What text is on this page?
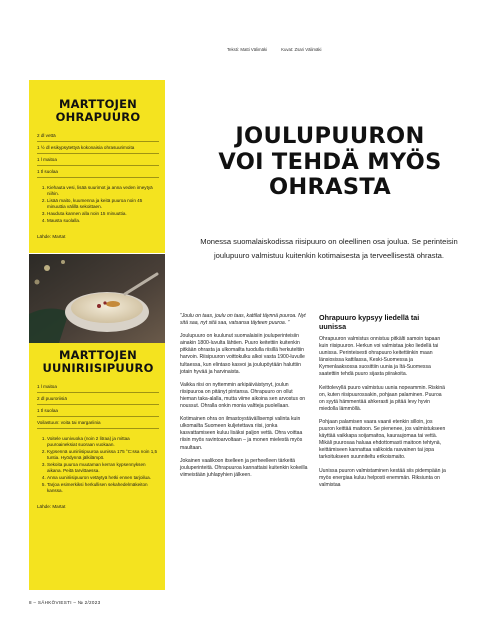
Teksti: Matti Välimäki	Kuvat: Zsari Välimäki
MARTTOJEN
OHRAPUURO
2 dl vettä
1 ½ dl esikypsytettyä kokonaisia ohrasuurimoita
1 l maitoa
1 tl suolaa
1. Kiehauta vesi, lisää suurimot ja anna veden imeytyä niihin.
2. Lisää maito, kuumenna ja keitä puuroa noin 45 minuuttia välillä sekoittaen.
3. Hauduta kannen alla noin 15 minuuttia.
4. Mausta suolalla.
Lähde: Martat
MARTTOJEN
UUNIRIISIPUURO
1 l maitoa
2 dl puuroriisiä
1 tl suolaa
Voilastuun: voita tai margariinia
1. Voitele uunivuoka (noin 2 litraa) ja mittaa puuroaineksiat suoraan vuokaan.
2. Kypsennä uuniriisipuuroa uunissa 175 °C:ssa noin 1,5 tuntia. Hyödynnä jälkilämpö.
3. Sekoita puuroa muutaman kerran kypsennyksen aikana. Peitä tarvittaessa.
4. Anna uuniriisipuuron vetäytyä hetki ennen tarjoilua.
5. Tarjoa esimerkiksi herkullisen sekahedelmäkeiton kanssa.
Lähde: Martat
JOULUPUURON
VOI TEHDÄ MYÖS
OHRASTA

Monessa suomalaiskodissa riisipuuro on oleellinen osa joulua. Se perinteisin joulupuuro valmistuu kuitenkin kotimaisesta ja terveellisestä ohrasta.

”Joulu on taas, joulu on taas, kattilat täynnä puuroa. Nyt sitä saa, nyt sitä saa, vatsansa täyteen puuroa. ”

Joulupuuro on kuulunut suomalaisiin jouluperinteisiin ainakin 1800-luvulta lähtien. Puuro keitettiin kuitenkin pitkään ohrasta ja ulkomailta tuodulla riisillä herkuteltiin harvoin. Riisipuuron voittokulku alkoi vasta 1900-luvulle tultaessa, kun elintaso kasvoi ja joulupöytään haluttiin jotain hyvää ja harvinaista.

Vaikka riisi on nyttemmin arkipäiväistynyt, joulun riisipuuroa on pitänyt pintansa. Ohrapuuro on ollut hieman taka-alalla, mutta viime aikoina sen arvostus on noussut. Ohralla onkin monia valtteja puolellaan.

Kotimainen ohra on ilmastoystävällisempi valinta kuin ulkomailta Suomeen kuljetettava riisi, jonka kasvattamiseen kuluu lisäksi paljon vettä. Ohra voittaa riisin myös ravintoarvoltaan – ja monen mielestä myös maultaan.

Jokainen vaalikoon itselleen ja perheelleen tärkeitä jouluperinteitä. Ohrapuuroa kannattaisi kuitenkin kokeilla viimeistään juhlapyhien jälkeen.

Ohrapuuro kypsyy liedellä tai uunissa

Ohrapuuron valmistus onnistuu pitkälti samoin tapaan kuin riisipuuron. Herkun voi valmistaa joko liedellä tai uunissa. Perinteisesti ohrapuuro keitettiinkin maan länsiosissa kattilassa, Keski-Suomessa ja Kymenlaaksossa suosittiin uunia ja Itä-Suomessa saatettiin tehdä puuro sijasta piirakoita.

Keittolevyllä puuro valmistuu uunia nopeammin. Riskinä on, kuten riisipuurossakin, pohjaan palaminen. Puuroa on syytä hämmentää ahkerasti ja pitää levy hyvin miedolla lämmöllä.

Pohjaan palamisen vaara vaanii etenkin silloin, jos puuron keittää maitoon. Se pienenee, jos valmistukseen käyttää vaikkapa soijamaitoa, kauraujomaa tai vettä. Mikäli puurosaa haluaa ehdottomasti maitoon tehtynä, keittämiseen kannattaa valikoida rasvainen tai jopa tarkoitukseen suunniteltu erikoismaito.

Uunissa puuron valmistaminen kestää siis pidempään ja myös energiaa kuluu helposti enemmän. Riksiunta on valmistaa

8 – SÄHKÖVIESTI – № 2/2023
